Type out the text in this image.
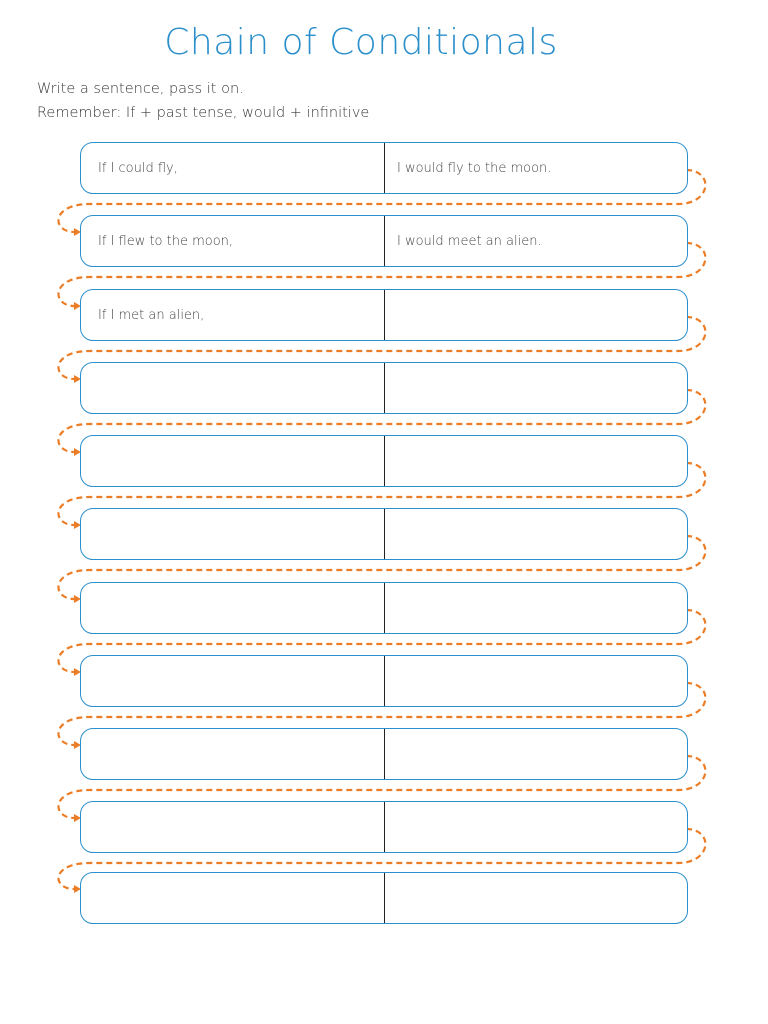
Chain of Conditionals
Write a sentence, pass it on.
Remember: If + past tense, would + infinitive
If I could fly,	I would fly to the moon.
If I flew to the moon,	I would meet an alien.
If I met an alien,
